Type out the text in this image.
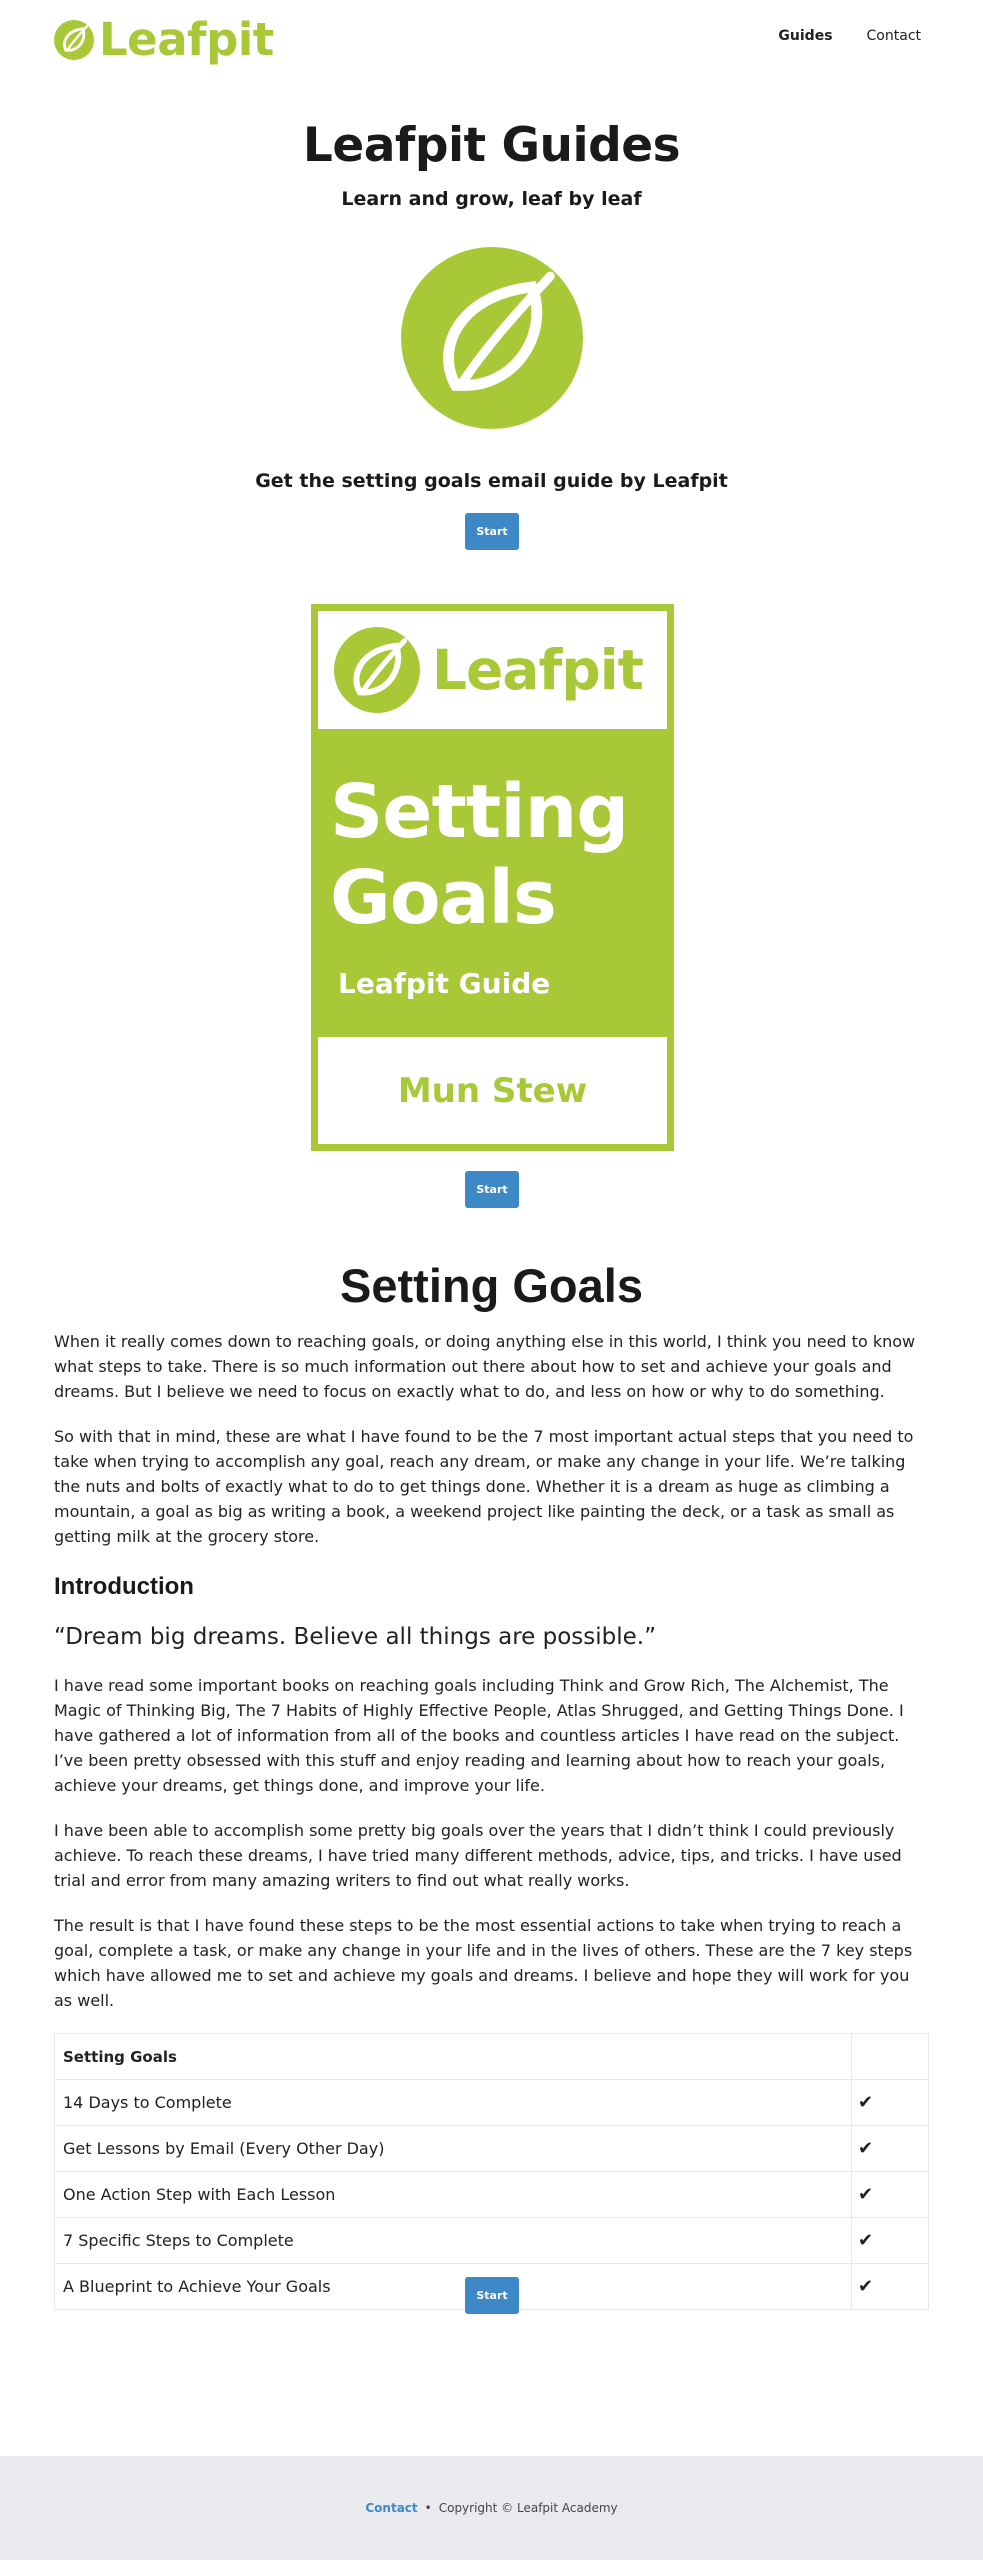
Leafpit	Guides Contact
Leafpit Guides
Learn and grow, leaf by leaf
Get the setting goals email guide by Leafpit
Start
Leafpit
Setting
Goals
Leafpit Guide
Mun Stew
Start
Setting Goals

When it really comes down to reaching goals, or doing anything else in this world, I think you need to know what steps to take. There is so much information out there about how to set and achieve your goals and dreams. But I believe we need to focus on exactly what to do, and less on how or why to do something.

So with that in mind, these are what I have found to be the 7 most important actual steps that you need to take when trying to accomplish any goal, reach any dream, or make any change in your life. We’re talking the nuts and bolts of exactly what to do to get things done. Whether it is a dream as huge as climbing a mountain, a goal as big as writing a book, a weekend project like painting the deck, or a task as small as getting milk at the grocery store.

Introduction
“Dream big dreams. Believe all things are possible.”

I have read some important books on reaching goals including Think and Grow Rich, The Alchemist, The Magic of Thinking Big, The 7 Habits of Highly Effective People, Atlas Shrugged, and Getting Things Done. I have gathered a lot of information from all of the books and countless articles I have read on the subject. I’ve been pretty obsessed with this stuff and enjoy reading and learning about how to reach your goals, achieve your dreams, get things done, and improve your life.

I have been able to accomplish some pretty big goals over the years that I didn’t think I could previously achieve. To reach these dreams, I have tried many different methods, advice, tips, and tricks. I have used trial and error from many amazing writers to find out what really works.

The result is that I have found these steps to be the most essential actions to take when trying to reach a goal, complete a task, or make any change in your life and in the lives of others. These are the 7 key steps which have allowed me to set and achieve my goals and dreams. I believe and hope they will work for you as well.

Setting Goals	
14 Days to Complete	✔
Get Lessons by Email (Every Other Day)	✔
One Action Step with Each Lesson	✔
7 Specific Steps to Complete	✔
A Blueprint to Achieve Your Goals	✔
Start
Contact • Copyright © Leafpit Academy
